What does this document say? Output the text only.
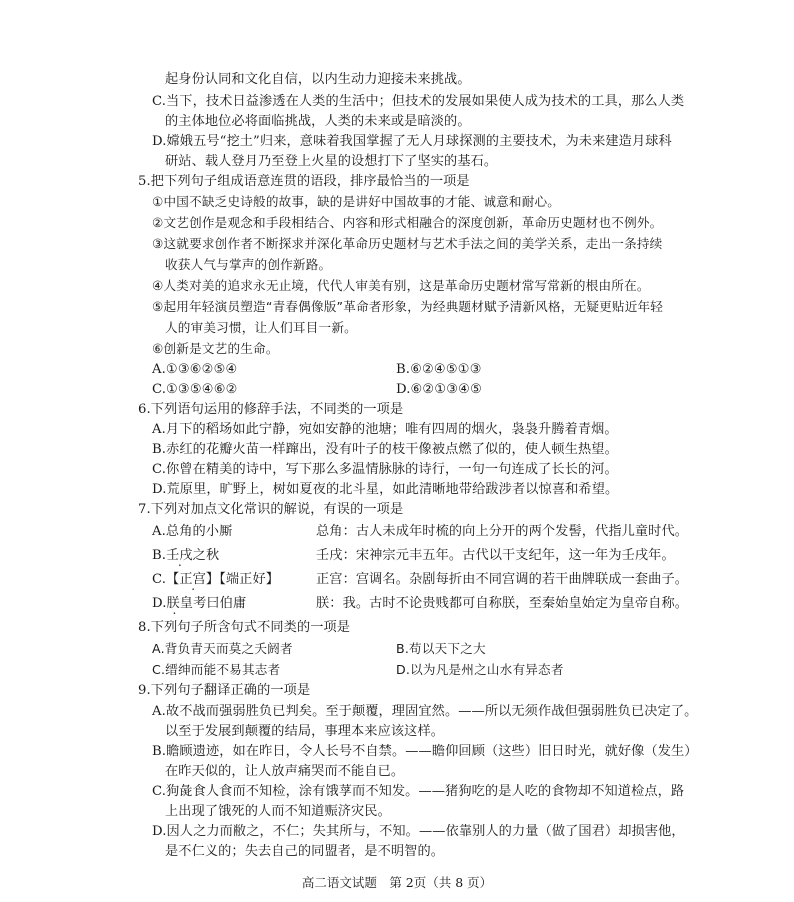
起身份认同和文化自信，以内生动力迎接未来挑战。
C.当下，技术日益渗透在人类的生活中；但技术的发展如果使人成为技术的工具，那么人类
的主体地位必将面临挑战，人类的未来或是暗淡的。
D.嫦娥五号“挖土”归来，意味着我国掌握了无人月球探测的主要技术，为未来建造月球科
研站、载人登月乃至登上火星的设想打下了坚实的基石。
5.把下列句子组成语意连贯的语段，排序最恰当的一项是
①中国不缺乏史诗般的故事，缺的是讲好中国故事的才能、诚意和耐心。
②文艺创作是观念和手段相结合、内容和形式相融合的深度创新，革命历史题材也不例外。
③这就要求创作者不断探求并深化革命历史题材与艺术手法之间的美学关系，走出一条持续
收获人气与掌声的创作新路。
④人类对美的追求永无止境，代代人审美有别，这是革命历史题材常写常新的根由所在。
⑤起用年轻演员塑造“青春偶像版”革命者形象，为经典题材赋予清新风格，无疑更贴近年轻
人的审美习惯，让人们耳目一新。
⑥创新是文艺的生命。
A.①③⑥②⑤④	B.⑥②④⑤①③
C.①③⑤④⑥②	D.⑥②①③④⑤
6.下列语句运用的修辞手法，不同类的一项是
A.月下的稻场如此宁静，宛如安静的池塘；唯有四周的烟火，袅袅升腾着青烟。
B.赤红的花瓣火苗一样蹿出，没有叶子的枝干像被点燃了似的，使人顿生热望。
C.你曾在精美的诗中，写下那么多温情脉脉的诗行，一句一句连成了长长的河。
D.荒原里，旷野上，树如夏夜的北斗星，如此清晰地带给跋涉者以惊喜和希望。
7.下列对加点文化常识的解说，有误的一项是
A.总角的小厮	总角：古人未成年时梳的向上分开的两个发髻，代指儿童时代。
B.壬戌之秋	壬戌：宋神宗元丰五年。古代以干支纪年，这一年为壬戌年。
C.【正宫】【端正好】	正宫：宫调名。杂剧每折由不同宫调的若干曲牌联成一套曲子。
D.朕皇考曰伯庸	朕：我。古时不论贵贱都可自称朕，至秦始皇始定为皇帝自称。
8.下列句子所含句式不同类的一项是
A.背负青天而莫之夭阏者	B.苟以天下之大
C.缙绅而能不易其志者	D.以为凡是州之山水有异态者
9.下列句子翻译正确的一项是
A.故不战而强弱胜负已判矣。至于颠覆，理固宜然。——所以无须作战但强弱胜负已决定了。
以至于发展到颠覆的结局，事理本来应该这样。
B.瞻顾遗迹，如在昨日，令人长号不自禁。——瞻仰回顾（这些）旧日时光，就好像（发生）
在昨天似的，让人放声痛哭而不能自已。
C.狗彘食人食而不知检，涂有饿莩而不知发。——猪狗吃的是人吃的食物却不知道检点，路
上出现了饿死的人而不知道赈济灾民。
D.因人之力而敝之，不仁；失其所与，不知。——依靠别人的力量（做了国君）却损害他，
是不仁义的；失去自己的同盟者，是不明智的。
高二语文试题　第 2页（共 8 页）
